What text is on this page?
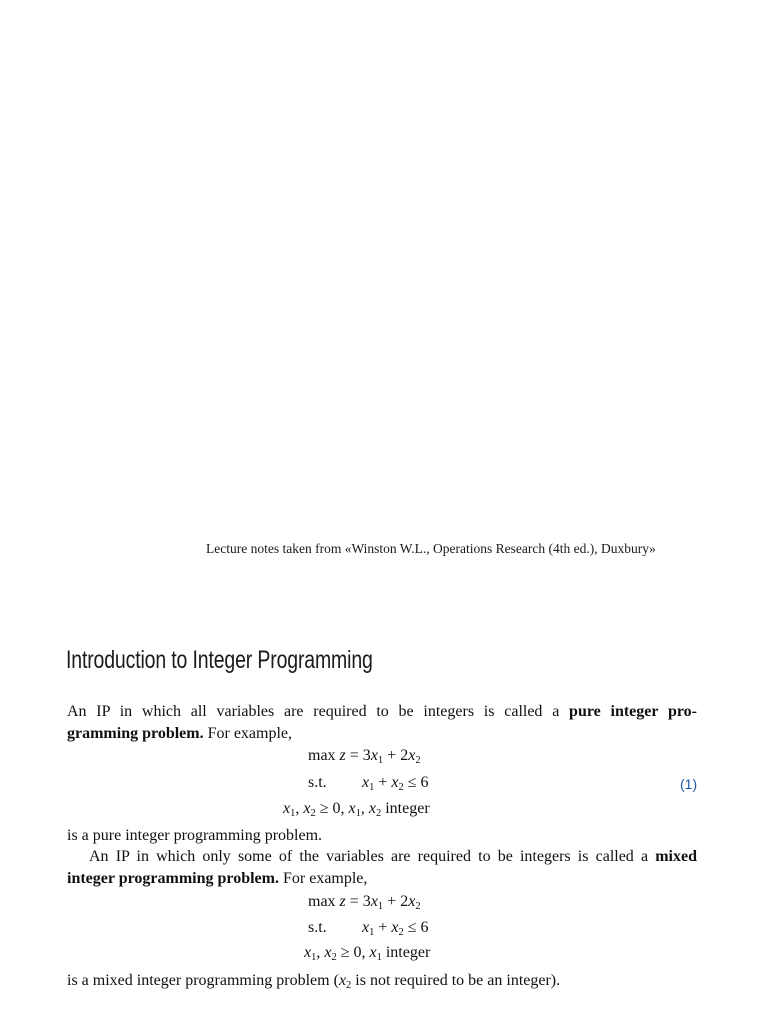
Lecture notes taken from «Winston W.L., Operations Research (4th ed.), Duxbury»
Introduction to Integer Programming
An IP in which all variables are required to be integers is called a pure integer pro-
gramming problem. For example,
$\max z = 3x_1 + 2x_2$
s.t. $x_1 + x_2 \le 6$	(1)
$x_1$, $x_2 \ge 0$, $x_1$, $x_2$ integer
is a pure integer programming problem.
An IP in which only some of the variables are required to be integers is called a mixed
integer programming problem. For example,
$\max z = 3x_1 + 2x_2$
s.t. $x_1 + x_2 \le 6$
$x_1$, $x_2 \ge 0$, $x_1$ integer
is a mixed integer programming problem ($x_2$ is not required to be an integer).
